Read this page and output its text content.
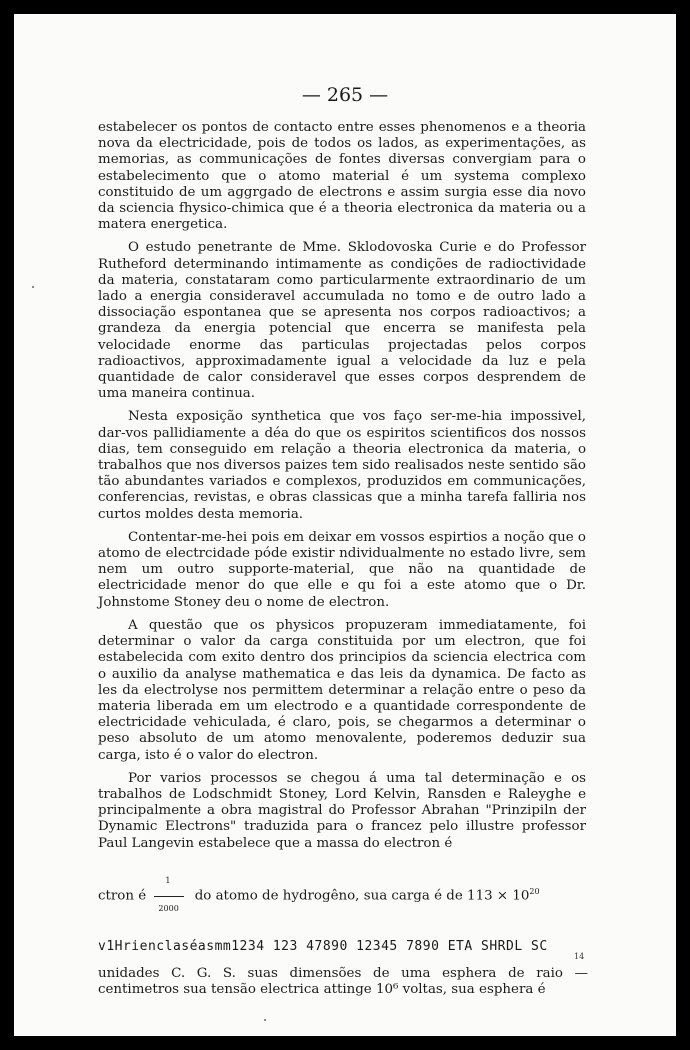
— 265 —

estabelecer os pontos de contacto entre esses phenomenos e a theoria nova da electricidade, pois de todos os lados, as experimentações, as memorias, as communicações de fontes diversas convergiam para o estabelecimento que o atomo material é um systema complexo constituido de um aggrgado de electrons e assim surgia esse dia novo da sciencia fhysico-chimica que é a theoria electronica da materia ou a matera energetica.

O estudo penetrante de Mme. Sklodovoska Curie e do Professor Rutheford determinando intimamente as condições de radioctividade da materia, constataram como particularmente extraordinario de um lado a energia consideravel accumulada no tomo e de outro lado a dissociação espontanea que se apresenta nos corpos radioactivos; a grandeza da energia potencial que encerra se manifesta pela velocidade enorme das particulas projectadas pelos corpos radioactivos, approximadamente igual a velocidade da luz e pela quantidade de calor consideravel que esses corpos desprendem de uma maneira continua.

Nesta exposição synthetica que vos faço ser-me-hia impossivel, dar-vos pallidiamente a déa do que os espiritos scientificos dos nossos dias, tem conseguido em relação a theoria electronica da materia, o trabalhos que nos diversos paizes tem sido realisados neste sentido são tão abundantes variados e complexos, produzidos em communicações, conferencias, revistas, e obras classicas que a minha tarefa falliria nos curtos moldes desta memoria.

Contentar-me-hei pois em deixar em vossos espirtios a noção que o atomo de electrcidade póde existir ndividualmente no estado livre, sem nem um outro supporte-material, que não na quantidade de electricidade menor do que elle e qu foi a este atomo que o Dr. Johnstome Stoney deu o nome de electron.

A questão que os physicos propuzeram immediatamente, foi determinar o valor da carga constituida por um electron, que foi estabelecida com exito dentro dos principios da sciencia electrica com o auxilio da analyse mathematica e das leis da dynamica. De facto as les da electrolyse nos permittem determinar a relação entre o peso da materia liberada em um electrodo e a quantidade correspondente de electricidade vehiculada, é claro, pois, se chegarmos a determinar o peso absoluto de um atomo menovalente, poderemos deduzir sua carga, isto é o valor do electron.

Por varios processos se chegou á uma tal determinação e os trabalhos de Lodschmidt Stoney, Lord Kelvin, Ransden e Raleyghe e principalmente a obra magistral do Professor Abrahan "Prinzipiln der Dynamic Electrons" traduzida para o francez pelo illustre professor Paul Langevin estabelece que a massa do electron é

ctron é $\frac{1}{2000}$ do atomo de hydrogêno, sua carga é de $113 \times 10^{20}$
v1Hrienclaséasmm1234 123 47890 12345 7890 ETA SHRDL SC
14
unidades C. G. S. suas dimensões de uma esphera de raio — centimetros sua tensão electrica attinge 10⁶ voltas, sua esphera é
